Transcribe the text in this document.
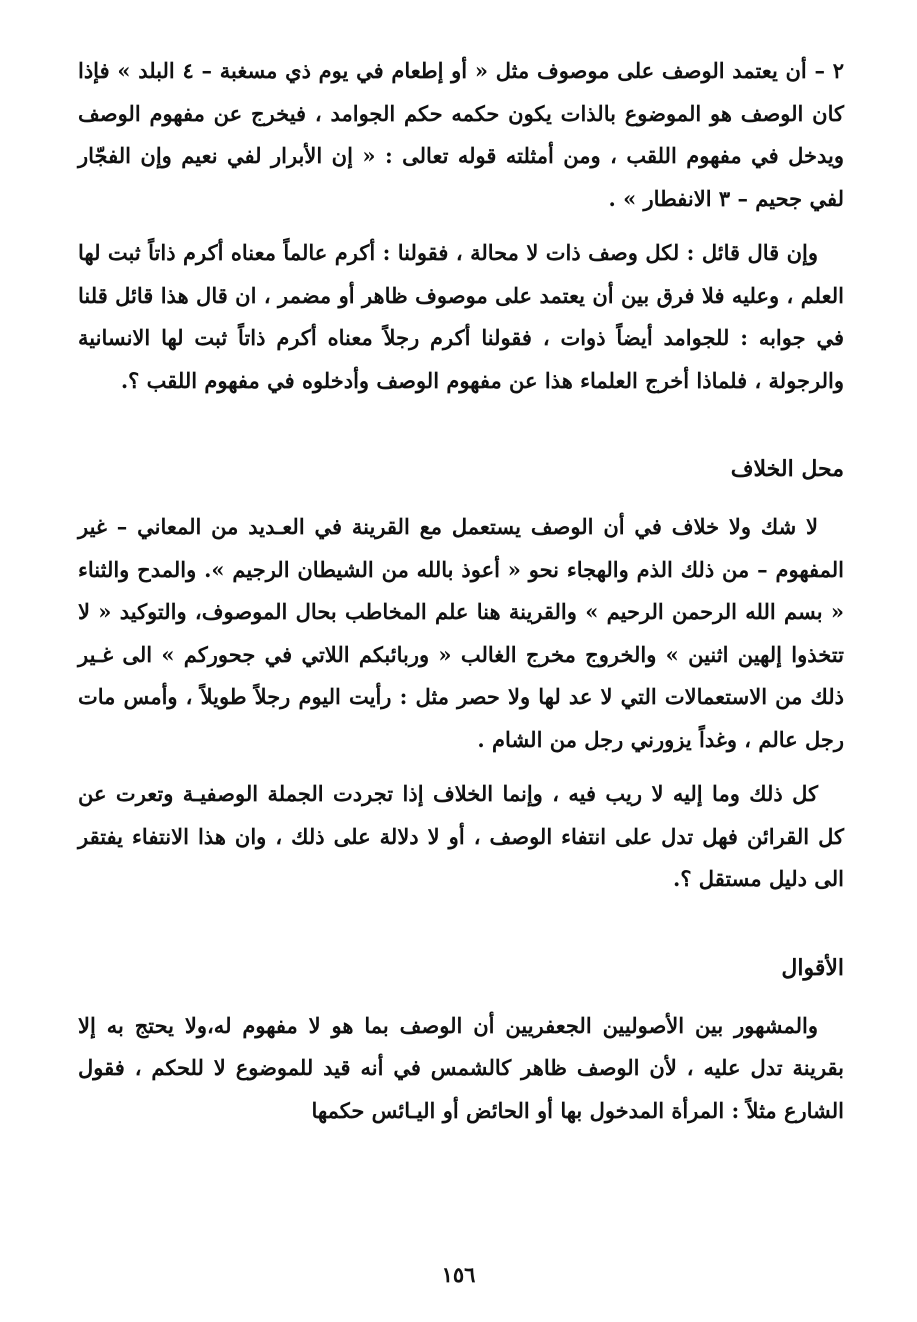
٢ – أن يعتمد الوصف على موصوف مثل « أو إطعام في يوم ذي مسغبة – ٤ البلد » فإذا كان الوصف هو الموضوع بالذات يكون حكمه حكم الجوامد ، فيخرج عن مفهوم الوصف ويدخل في مفهوم اللقب ، ومن أمثلته قوله تعالى : « إن الأبرار لفي نعيم وإن الفجّار لفي جحيم – ٣ الانفطار » .

وإن قال قائل : لكل وصف ذات لا محالة ، فقولنا : أكرم عالماً معناه أكرم ذاتاً ثبت لها العلم ، وعليه فلا فرق بين أن يعتمد على موصوف ظاهر أو مضمر ، ان قال هذا قائل قلنا في جوابه : للجوامد أيضاً ذوات ، فقولنا أكرم رجلاً معناه أكرم ذاتاً ثبت لها الانسانية والرجولة ، فلماذا أخرج العلماء هذا عن مفهوم الوصف وأدخلوه في مفهوم اللقب ؟.

محل الخلاف

لا شك ولا خلاف في أن الوصف يستعمل مع القرينة في العـديد من المعاني – غير المفهوم – من ذلك الذم والهجاء نحو « أعوذ بالله من الشيطان الرجيم ». والمدح والثناء « بسم الله الرحمن الرحيم » والقرينة هنا علم المخاطب بحال الموصوف، والتوكيد « لا تتخذوا إلهين اثنين » والخروج مخرج الغالب « وربائبكم اللاتي في جحوركم » الى غـير ذلك من الاستعمالات التي لا عد لها ولا حصر مثل : رأيت اليوم رجلاً طويلاً ، وأمس مات رجل عالم ، وغداً يزورني رجل من الشام .

كل ذلك وما إليه لا ريب فيه ، وإنما الخلاف إذا تجردت الجملة الوصفيـة وتعرت عن كل القرائن فهل تدل على انتفاء الوصف ، أو لا دلالة على ذلك ، وان هذا الانتفاء يفتقر الى دليل مستقل ؟.

الأقوال

والمشهور بين الأصوليين الجعفريين أن الوصف بما هو لا مفهوم له،ولا يحتج به إلا بقرينة تدل عليه ، لأن الوصف ظاهر كالشمس في أنه قيد للموضوع لا للحكم ، فقول الشارع مثلاً : المرأة المدخول بها أو الحائض أو اليـائس حكمها

١٥٦
